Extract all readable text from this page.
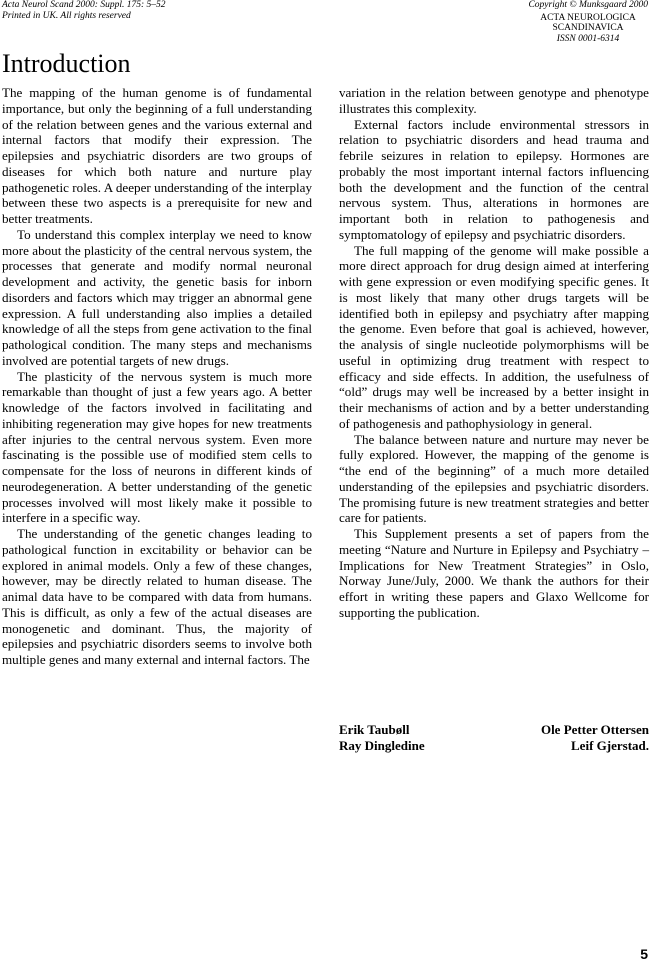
Acta Neurol Scand 2000: Suppl. 175: 5–52
Printed in UK. All rights reserved
Copyright © Munksgaard 2000
ACTA NEUROLOGICA
SCANDINAVICA
ISSN 0001-6314
Introduction

The mapping of the human genome is of fundamental importance, but only the beginning of a full understanding of the relation between genes and the various external and internal factors that modify their expression. The epilepsies and psychiatric disorders are two groups of diseases for which both nature and nurture play pathogenetic roles. A deeper understanding of the interplay between these two aspects is a prerequisite for new and better treatments.

To understand this complex interplay we need to know more about the plasticity of the central nervous system, the processes that generate and modify normal neuronal development and activity, the genetic basis for inborn disorders and factors which may trigger an abnormal gene expression. A full understanding also implies a detailed knowledge of all the steps from gene activation to the final pathological condition. The many steps and mechanisms involved are potential targets of new drugs.

The plasticity of the nervous system is much more remarkable than thought of just a few years ago. A better knowledge of the factors involved in facilitating and inhibiting regeneration may give hopes for new treatments after injuries to the central nervous system. Even more fascinating is the possible use of modified stem cells to compensate for the loss of neurons in different kinds of neurodegeneration. A better understanding of the genetic processes involved will most likely make it possible to interfere in a specific way.

The understanding of the genetic changes leading to pathological function in excitability or behavior can be explored in animal models. Only a few of these changes, however, may be directly related to human disease. The animal data have to be compared with data from humans. This is difficult, as only a few of the actual diseases are monogenetic and dominant. Thus, the majority of epilepsies and psychiatric disorders seems to involve both multiple genes and many external and internal factors. The

variation in the relation between genotype and phenotype illustrates this complexity.

External factors include environmental stressors in relation to psychiatric disorders and head trauma and febrile seizures in relation to epilepsy. Hormones are probably the most important internal factors influencing both the development and the function of the central nervous system. Thus, alterations in hormones are important both in relation to pathogenesis and symptomatology of epilepsy and psychiatric disorders.

The full mapping of the genome will make possible a more direct approach for drug design aimed at interfering with gene expression or even modifying specific genes. It is most likely that many other drugs targets will be identified both in epilepsy and psychiatry after mapping the genome. Even before that goal is achieved, however, the analysis of single nucleotide polymorphisms will be useful in optimizing drug treatment with respect to efficacy and side effects. In addition, the usefulness of “old” drugs may well be increased by a better insight in their mechanisms of action and by a better understanding of pathogenesis and pathophysiology in general.

The balance between nature and nurture may never be fully explored. However, the mapping of the genome is “the end of the beginning” of a much more detailed understanding of the epilepsies and psychiatric disorders. The promising future is new treatment strategies and better care for patients.

This Supplement presents a set of papers from the meeting “Nature and Nurture in Epilepsy and Psychiatry – Implications for New Treatment Strategies” in Oslo, Norway June/July, 2000. We thank the authors for their effort in writing these papers and Glaxo Wellcome for supporting the publication.

Erik Taubøll	Ole Petter Ottersen
Ray Dingledine	Leif Gjerstad.
5
